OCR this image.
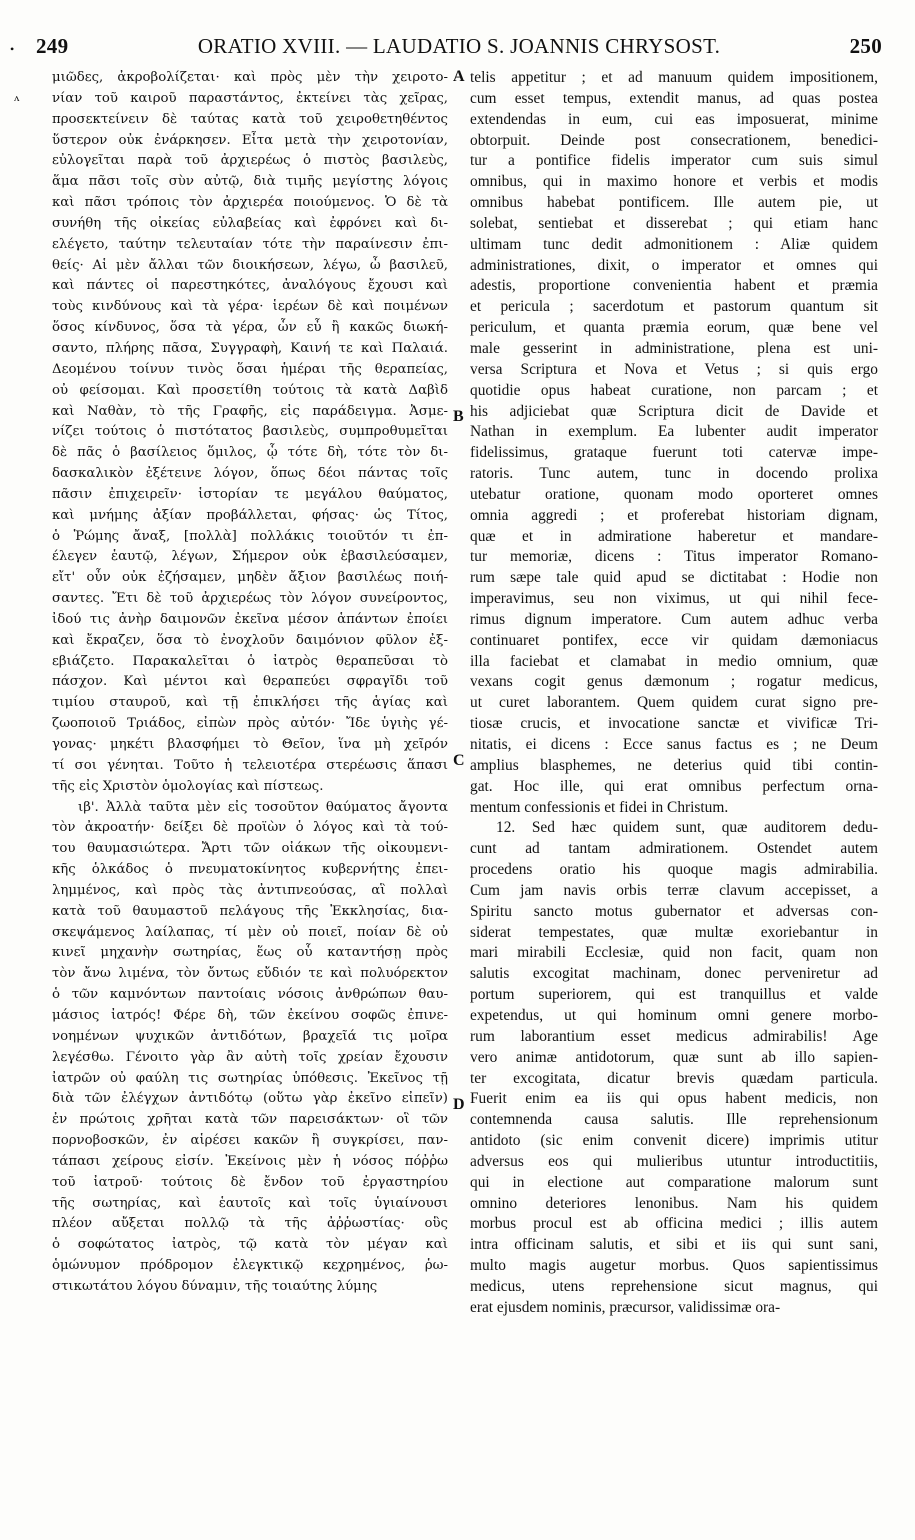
•
ʌ
249	ORATIO XVIII. — LAUDATIO S. JOANNIS CHRYSOST.	250
μιῶδες, ἀκροβολίζεται· καὶ πρὸς μὲν τὴν χειροτο-
νίαν τοῦ καιροῦ παραστάντος, ἐκτείνει τὰς χεῖρας,
προσεκτείνειν δὲ ταύτας κατὰ τοῦ χειροθετηθέντος
ὕστερον οὐκ ἐνάρκησεν. Εἶτα μετὰ τὴν χειροτονίαν,
εὐλογεῖται παρὰ τοῦ ἀρχιερέως ὁ πιστὸς βασιλεὺς,
ἅμα πᾶσι τοῖς σὺν αὐτῷ, διὰ τιμῆς μεγίστης λόγοις
καὶ πᾶσι τρόποις τὸν ἀρχιερέα ποιούμενος. Ὁ δὲ τὰ
συνήθη τῆς οἰκείας εὐλαβείας καὶ ἐφρόνει καὶ δι-
ελέγετο, ταύτην τελευταίαν τότε τὴν παραίνεσιν ἐπι-
θείς· Αἱ μὲν ἄλλαι τῶν διοικήσεων, λέγω, ὦ βασιλεῦ,
καὶ πάντες οἱ παρεστηκότες, ἀναλόγους ἔχουσι καὶ
τοὺς κινδύνους καὶ τὰ γέρα· ἱερέων δὲ καὶ ποιμένων
ὅσος κίνδυνος, ὅσα τὰ γέρα, ὧν εὖ ἢ κακῶς διωκή-
σαντο, πλήρης πᾶσα, Συγγραφὴ, Καινή τε καὶ Παλαιά.
Δεομένου τοίνυν τινὸς ὅσαι ἡμέραι τῆς θεραπείας,
οὐ φείσομαι. Καὶ προσετίθη τούτοις τὰ κατὰ Δαβὶδ
καὶ Ναθὰν, τὸ τῆς Γραφῆς, εἰς παράδειγμα. Ἀσμε-
νίζει τούτοις ὁ πιστότατος βασιλεὺς, συμπροθυμεῖται
δὲ πᾶς ὁ βασίλειος ὅμιλος, ᾧ τότε δὴ, τότε τὸν δι-
δασκαλικὸν ἐξέτεινε λόγον, ὅπως δέοι πάντας τοῖς
πᾶσιν ἐπιχειρεῖν· ἱστορίαν τε μεγάλου θαύματος,
καὶ μνήμης ἀξίαν προβάλλεται, φήσας· ὡς Τίτος,
ὁ Ῥώμης ἄναξ, [πολλὰ] πολλάκις τοιοῦτόν τι ἐπ-
έλεγεν ἑαυτῷ, λέγων, Σήμερον οὐκ ἐβασιλεύσαμεν,
εἴτ' οὖν οὐκ ἐζήσαμεν, μηδὲν ἄξιον βασιλέως ποιή-
σαντες. Ἔτι δὲ τοῦ ἀρχιερέως τὸν λόγον συνείροντος,
ἰδού τις ἀνὴρ δαιμονῶν ἐκεῖνα μέσον ἁπάντων ἐποίει
καὶ ἔκραζεν, ὅσα τὸ ἐνοχλοῦν δαιμόνιον φῦλον ἐξ-
εβιάζετο. Παρακαλεῖται ὁ ἰατρὸς θεραπεῦσαι τὸ
πάσχον. Καὶ μέντοι καὶ θεραπεύει σφραγῖδι τοῦ
τιμίου σταυροῦ, καὶ τῇ ἐπικλήσει τῆς ἁγίας καὶ
ζωοποιοῦ Τριάδος, εἰπὼν πρὸς αὐτόν· Ἴδε ὑγιὴς γέ-
γονας· μηκέτι βλασφήμει τὸ Θεῖον, ἵνα μὴ χεῖρόν
τί σοι γένηται. Τοῦτο ἡ τελειοτέρα στερέωσις ἅπασι
τῆς εἰς Χριστὸν ὁμολογίας καὶ πίστεως.
ιβ'. Ἀλλὰ ταῦτα μὲν εἰς τοσοῦτον θαύματος ἄγοντα
τὸν ἀκροατήν· δείξει δὲ προϊὼν ὁ λόγος καὶ τὰ τού-
του θαυμασιώτερα. Ἄρτι τῶν οἰάκων τῆς οἰκουμενι-
κῆς ὁλκάδος ὁ πνευματοκίνητος κυβερνήτης ἐπει-
λημμένος, καὶ πρὸς τὰς ἀντιπνεούσας, αἳ πολλαὶ
κατὰ τοῦ θαυμαστοῦ πελάγους τῆς Ἐκκλησίας, δια-
σκεψάμενος λαίλαπας, τί μὲν οὐ ποιεῖ, ποίαν δὲ οὐ
κινεῖ μηχανὴν σωτηρίας, ἕως οὗ καταντήσῃ πρὸς
τὸν ἄνω λιμένα, τὸν ὄντως εὔδιόν τε καὶ πολυόρεκτον
ὁ τῶν καμνόντων παντοίαις νόσοις ἀνθρώπων θαυ-
μάσιος ἰατρός! Φέρε δὴ, τῶν ἐκείνου σοφῶς ἐπινε-
νοημένων ψυχικῶν ἀντιδότων, βραχεῖά τις μοῖρα
λεγέσθω. Γένοιτο γὰρ ἂν αὐτὴ τοῖς χρείαν ἔχουσιν
ἰατρῶν οὐ φαύλη τις σωτηρίας ὑπόθεσις. Ἐκεῖνος τῇ
διὰ τῶν ἐλέγχων ἀντιδότῳ (οὕτω γὰρ ἐκεῖνο εἰπεῖν)
ἐν πρώτοις χρῆται κατὰ τῶν παρεισάκτων· οἳ τῶν
πορνοβοσκῶν, ἐν αἱρέσει κακῶν ἢ συγκρίσει, παν-
τάπασι χείρους εἰσίν. Ἐκείνοις μὲν ἡ νόσος πόῤῥω
τοῦ ἰατροῦ· τούτοις δὲ ἔνδον τοῦ ἐργαστηρίου
τῆς σωτηρίας, καὶ ἑαυτοῖς καὶ τοῖς ὑγιαίνουσι
πλέον αὔξεται πολλῷ τὰ τῆς ἀῤῥωστίας· οὓς
ὁ σοφώτατος ἰατρὸς, τῷ κατὰ τὸν μέγαν καὶ
ὁμώνυμον πρόδρομον ἐλεγκτικῷ κεχρημένος, ῥω-
στικωτάτου λόγου δύναμιν, τῆς τοιαύτης λύμης
telis appetitur ; et ad manuum quidem impositionem,
cum esset tempus, extendit manus, ad quas postea
extendendas in eum, cui eas imposuerat, minime
obtorpuit. Deinde post consecrationem, benedici-
tur a pontifice fidelis imperator cum suis simul
omnibus, qui in maximo honore et verbis et modis
omnibus habebat pontificem. Ille autem pie, ut
solebat, sentiebat et disserebat ; qui etiam hanc
ultimam tunc dedit admonitionem : Aliæ quidem
administrationes, dixit, o imperator et omnes qui
adestis, proportione convenientia habent et præmia
et pericula ; sacerdotum et pastorum quantum sit
periculum, et quanta præmia eorum, quæ bene vel
male gesserint in administratione, plena est uni-
versa Scriptura et Nova et Vetus ; si quis ergo
quotidie opus habeat curatione, non parcam ; et
his adjiciebat quæ Scriptura dicit de Davide et
Nathan in exemplum. Ea lubenter audit imperator
fidelissimus, grataque fuerunt toti catervæ impe-
ratoris. Tunc autem, tunc in docendo prolixa
utebatur oratione, quonam modo oporteret omnes
omnia aggredi ; et proferebat historiam dignam,
quæ et in admiratione haberetur et mandare-
tur memoriæ, dicens : Titus imperator Romano-
rum sæpe tale quid apud se dictitabat : Hodie non
imperavimus, seu non viximus, ut qui nihil fece-
rimus dignum imperatore. Cum autem adhuc verba
continuaret pontifex, ecce vir quidam dæmoniacus
illa faciebat et clamabat in medio omnium, quæ
vexans cogit genus dæmonum ; rogatur medicus,
ut curet laborantem. Quem quidem curat signo pre-
tiosæ crucis, et invocatione sanctæ et vivificæ Tri-
nitatis, ei dicens : Ecce sanus factus es ; ne Deum
amplius blasphemes, ne deterius quid tibi contin-
gat. Hoc ille, qui erat omnibus perfectum orna-
mentum confessionis et fidei in Christum.
12. Sed hæc quidem sunt, quæ auditorem dedu-
cunt ad tantam admirationem. Ostendet autem
procedens oratio his quoque magis admirabilia.
Cum jam navis orbis terræ clavum accepisset, a
Spiritu sancto motus gubernator et adversas con-
siderat tempestates, quæ multæ exoriebantur in
mari mirabili Ecclesiæ, quid non facit, quam non
salutis excogitat machinam, donec perveniretur ad
portum superiorem, qui est tranquillus et valde
expetendus, ut qui hominum omni genere morbo-
rum laborantium esset medicus admirabilis! Age
vero animæ antidotorum, quæ sunt ab illo sapien-
ter excogitata, dicatur brevis quædam particula.
Fuerit enim ea iis qui opus habent medicis, non
contemnenda causa salutis. Ille reprehensionum
antidoto (sic enim convenit dicere) imprimis utitur
adversus eos qui mulieribus utuntur introductitiis,
qui in electione aut comparatione malorum sunt
omnino deteriores lenonibus. Nam his quidem
morbus procul est ab officina medici ; illis autem
intra officinam salutis, et sibi et iis qui sunt sani,
multo magis augetur morbus. Quos sapientissimus
medicus, utens reprehensione sicut magnus, qui
erat ejusdem nominis, præcursor, validissimæ ora-
A
B
C
D
